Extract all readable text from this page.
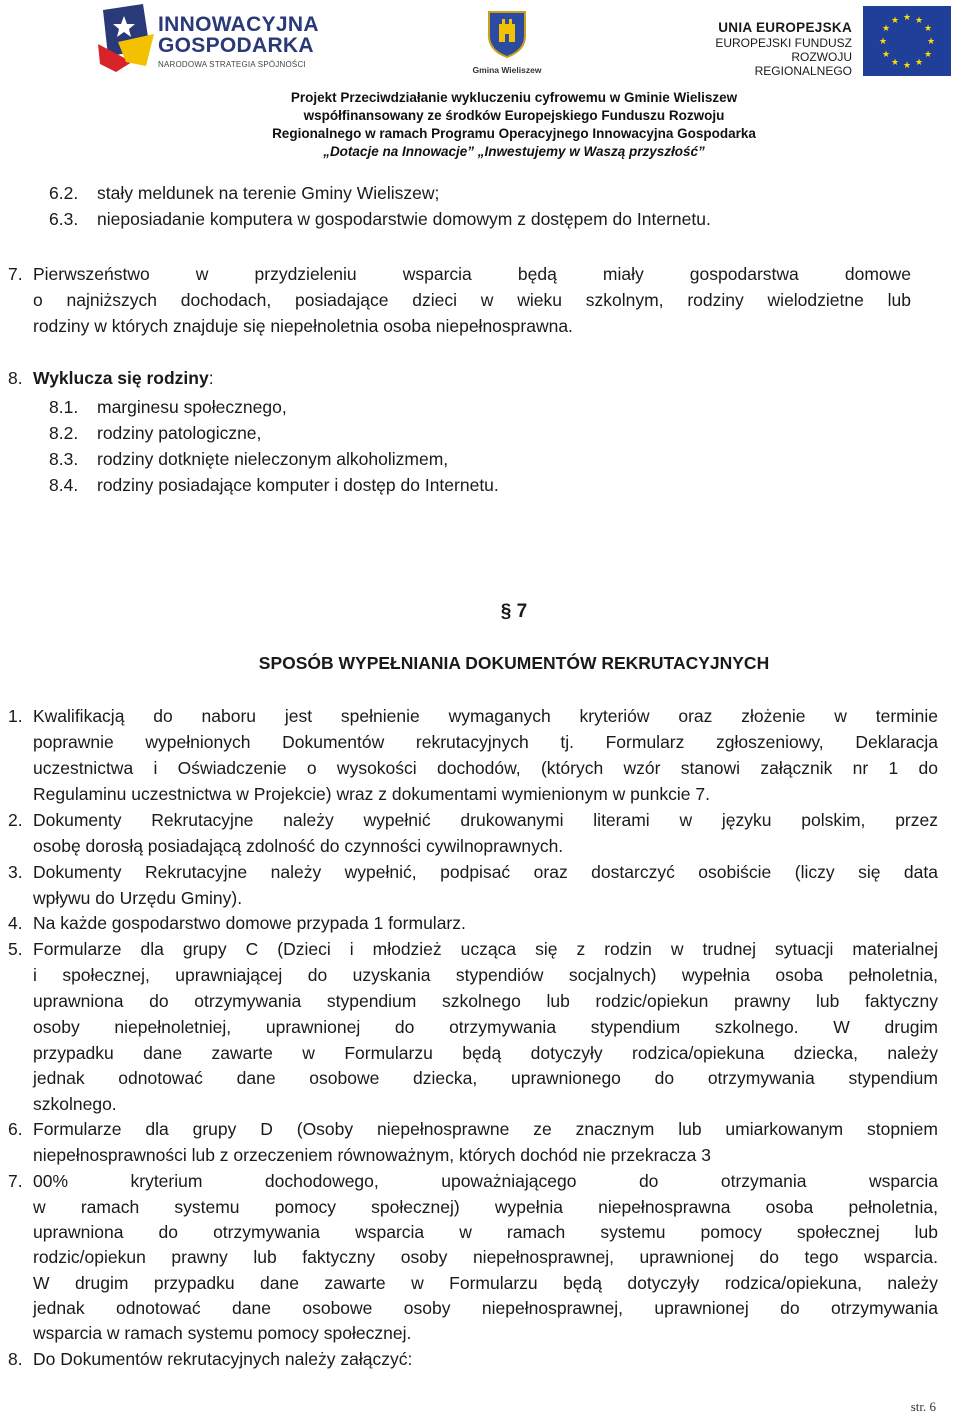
INNOWACYJNA
GOSPODARKA
NARODOWA STRATEGIA SPÓJNOŚCI
Gmina Wieliszew
UNIA EUROPEJSKA
EUROPEJSKI FUNDUSZ
ROZWOJU REGIONALNEGO
★ ★
★
★
★
★
★
★
★
★
★
★
Projekt Przeciwdziałanie wykluczeniu cyfrowemu w Gminie Wieliszew
współfinansowany ze środków Europejskiego Funduszu Rozwoju
Regionalnego w ramach Programu Operacyjnego Innowacyjna Gospodarka
„Dotacje na Innowacje” „Inwestujemy w Waszą przyszłość”
6.2. stały meldunek na terenie Gminy Wieliszew;
6.3. nieposiadanie komputera w gospodarstwie domowym z dostępem do Internetu.
7. Pierwszeństwo w przydzieleniu wsparcia będą miały gospodarstwa domowe
o najniższych dochodach, posiadające dzieci w wieku szkolnym, rodziny wielodzietne lub
rodziny w których znajduje się niepełnoletnia osoba niepełnosprawna.
8. Wyklucza się rodziny:
8.1. marginesu społecznego,
8.2. rodziny patologiczne,
8.3. rodziny dotknięte nieleczonym alkoholizmem,
8.4. rodziny posiadające komputer i dostęp do Internetu.
§ 7
SPOSÓB WYPEŁNIANIA DOKUMENTÓW REKRUTACYJNYCH
1. Kwalifikacją do naboru jest spełnienie wymaganych kryteriów oraz złożenie w terminie
poprawnie wypełnionych Dokumentów rekrutacyjnych tj. Formularz zgłoszeniowy, Deklaracja
uczestnictwa i Oświadczenie o wysokości dochodów, (których wzór stanowi załącznik nr 1 do
Regulaminu uczestnictwa w Projekcie) wraz z dokumentami wymienionym w punkcie 7.
2. Dokumenty Rekrutacyjne należy wypełnić drukowanymi literami w języku polskim, przez
osobę dorosłą posiadającą zdolność do czynności cywilnoprawnych.
3. Dokumenty Rekrutacyjne należy wypełnić, podpisać oraz dostarczyć osobiście (liczy się data
wpływu do Urzędu Gminy).
4. Na każde gospodarstwo domowe przypada 1 formularz.
5. Formularze dla grupy C (Dzieci i młodzież ucząca się z rodzin w trudnej sytuacji materialnej
i społecznej, uprawniającej do uzyskania stypendiów socjalnych) wypełnia osoba pełnoletnia,
uprawniona do otrzymywania stypendium szkolnego lub rodzic/opiekun prawny lub faktyczny
osoby niepełnoletniej, uprawnionej do otrzymywania stypendium szkolnego. W drugim
przypadku dane zawarte w Formularzu będą dotyczyły rodzica/opiekuna dziecka, należy
jednak odnotować dane osobowe dziecka, uprawnionego do otrzymywania stypendium
szkolnego.
6. Formularze dla grupy D (Osoby niepełnosprawne ze znacznym lub umiarkowanym stopniem
niepełnosprawności lub z orzeczeniem równoważnym, których dochód nie przekracza 3
7. 00% kryterium dochodowego, upoważniającego do otrzymania wsparcia
w ramach systemu pomocy społecznej) wypełnia niepełnosprawna osoba pełnoletnia,
uprawniona do otrzymywania wsparcia w ramach systemu pomocy społecznej lub
rodzic/opiekun prawny lub faktyczny osoby niepełnosprawnej, uprawnionej do tego wsparcia.
W drugim przypadku dane zawarte w Formularzu będą dotyczyły rodzica/opiekuna, należy
jednak odnotować dane osobowe osoby niepełnosprawnej, uprawnionej do otrzymywania
wsparcia w ramach systemu pomocy społecznej.
8. Do Dokumentów rekrutacyjnych należy załączyć:
str. 6
